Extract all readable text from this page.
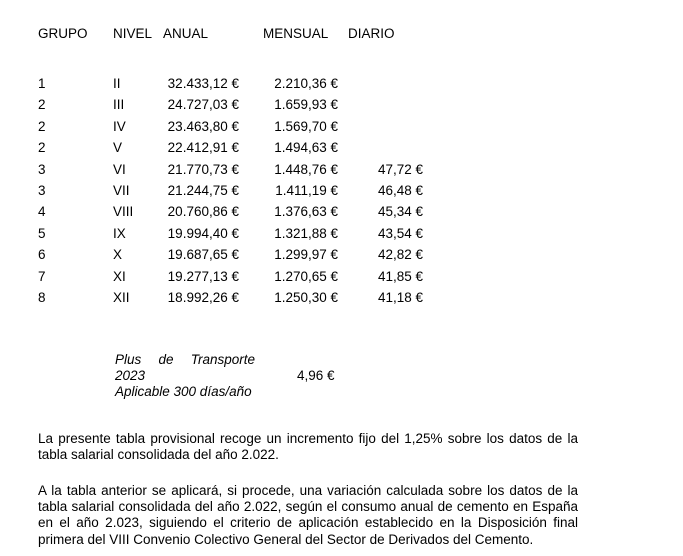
GRUPO NIVEL ANUAL	MENSUAL DIARIO
1	II	32.433,12 €	2.210,36 €
2	III	24.727,03 €	1.659,93 €
2	IV	23.463,80 €	1.569,70 €
2	V	22.412,91 €	1.494,63 €
3	VI	21.770,73 €	1.448,76 €	47,72 €
3	VII	21.244,75 €	1.411,19 €	46,48 €
4	VIII	20.760,86 €	1.376,63 €	45,34 €
5	IX	19.994,40 €	1.321,88 €	43,54 €
6	X	19.687,65 €	1.299,97 €	42,82 €
7	XI	19.277,13 €	1.270,65 €	41,85 €
8	XII	18.992,26 €	1.250,30 €	41,18 €
Plus de Transporte
2023
Aplicable 300 días/año
4,96 €
La presente tabla provisional recoge un incremento fijo del 1,25% sobre los datos de la tabla salarial consolidada del año 2.022.
A la tabla anterior se aplicará, si procede, una variación calculada sobre los datos de la tabla salarial consolidada del año 2.022, según el consumo anual de cemento en España en el año 2.023, siguiendo el criterio de aplicación establecido en la Disposición final primera del VIII Convenio Colectivo General del Sector de Derivados del Cemento.
